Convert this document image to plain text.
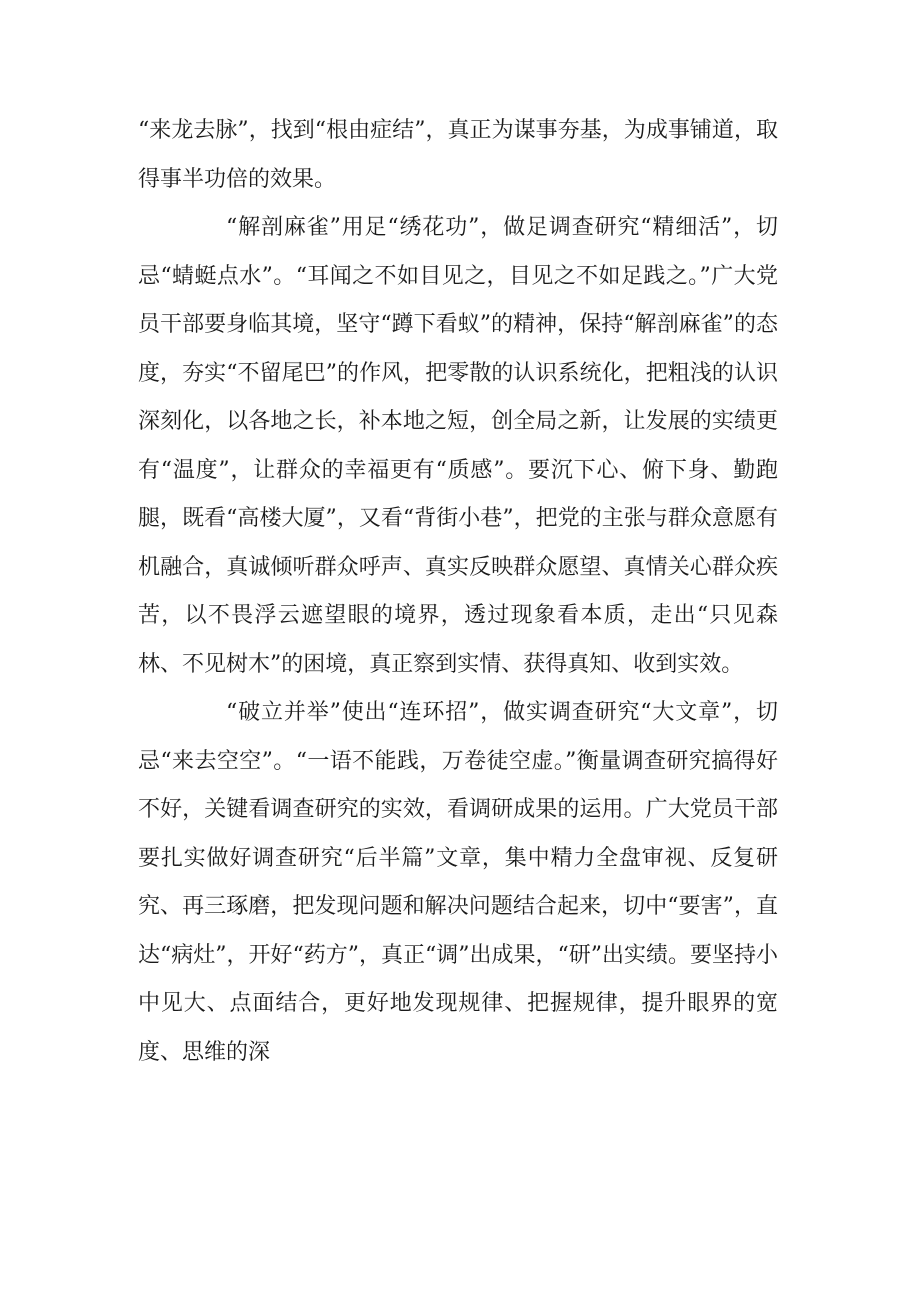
“来龙去脉”，找到“根由症结”，真正为谋事夯基，为成事铺道，取得事半功倍的效果。

“解剖麻雀”用足“绣花功”，做足调查研究“精细活”，切忌“蜻蜓点水”。“耳闻之不如目见之，目见之不如足践之。”广大党员干部要身临其境，坚守“蹲下看蚁”的精神，保持“解剖麻雀”的态度，夯实“不留尾巴”的作风，把零散的认识系统化，把粗浅的认识深刻化，以各地之长，补本地之短，创全局之新，让发展的实绩更有“温度”，让群众的幸福更有“质感”。要沉下心、俯下身、勤跑腿，既看“高楼大厦”，又看“背街小巷”，把党的主张与群众意愿有机融合，真诚倾听群众呼声、真实反映群众愿望、真情关心群众疾苦，以不畏浮云遮望眼的境界，透过现象看本质，走出“只见森林、不见树木”的困境，真正察到实情、获得真知、收到实效。

“破立并举”使出“连环招”，做实调查研究“大文章”，切忌“来去空空”。“一语不能践，万卷徒空虚。”衡量调查研究搞得好不好，关键看调查研究的实效，看调研成果的运用。广大党员干部要扎实做好调查研究“后半篇”文章，集中精力全盘审视、反复研究、再三琢磨，把发现问题和解决问题结合起来，切中“要害”，直达“病灶”，开好“药方”，真正“调”出成果，“研”出实绩。要坚持小中见大、点面结合，更好地发现规律、把握规律，提升眼界的宽度、思维的深
